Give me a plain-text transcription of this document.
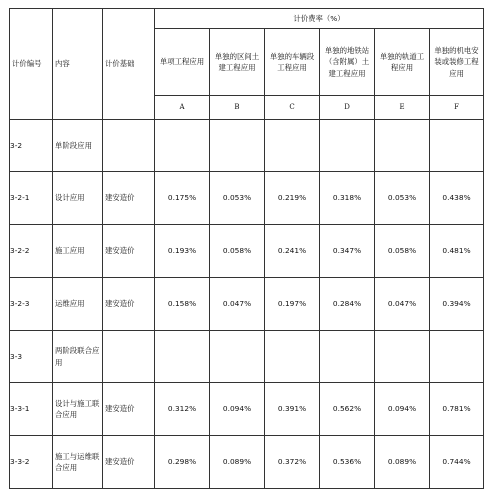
计价编号	内容	计价基础	计价费率（%）					
			单项工程应用	单独的区间土建工程应用	单独的车辆段工程应用	单独的地铁站（含附属）土建工程应用	单独的轨道工程应用	单独的机电安装或装修工程应用
			A	B	C	D	E	F
3-2	单阶段应用							
3-2-1	设计应用	建安造价	0.175%	0.053%	0.219%	0.318%	0.053%	0.438%
3-2-2	施工应用	建安造价	0.193%	0.058%	0.241%	0.347%	0.058%	0.481%
3-2-3	运维应用	建安造价	0.158%	0.047%	0.197%	0.284%	0.047%	0.394%
3-3	两阶段联合应用							
3-3-1	设计与施工联合应用	建安造价	0.312%	0.094%	0.391%	0.562%	0.094%	0.781%
3-3-2	施工与运维联合应用	建安造价	0.298%	0.089%	0.372%	0.536%	0.089%	0.744%
